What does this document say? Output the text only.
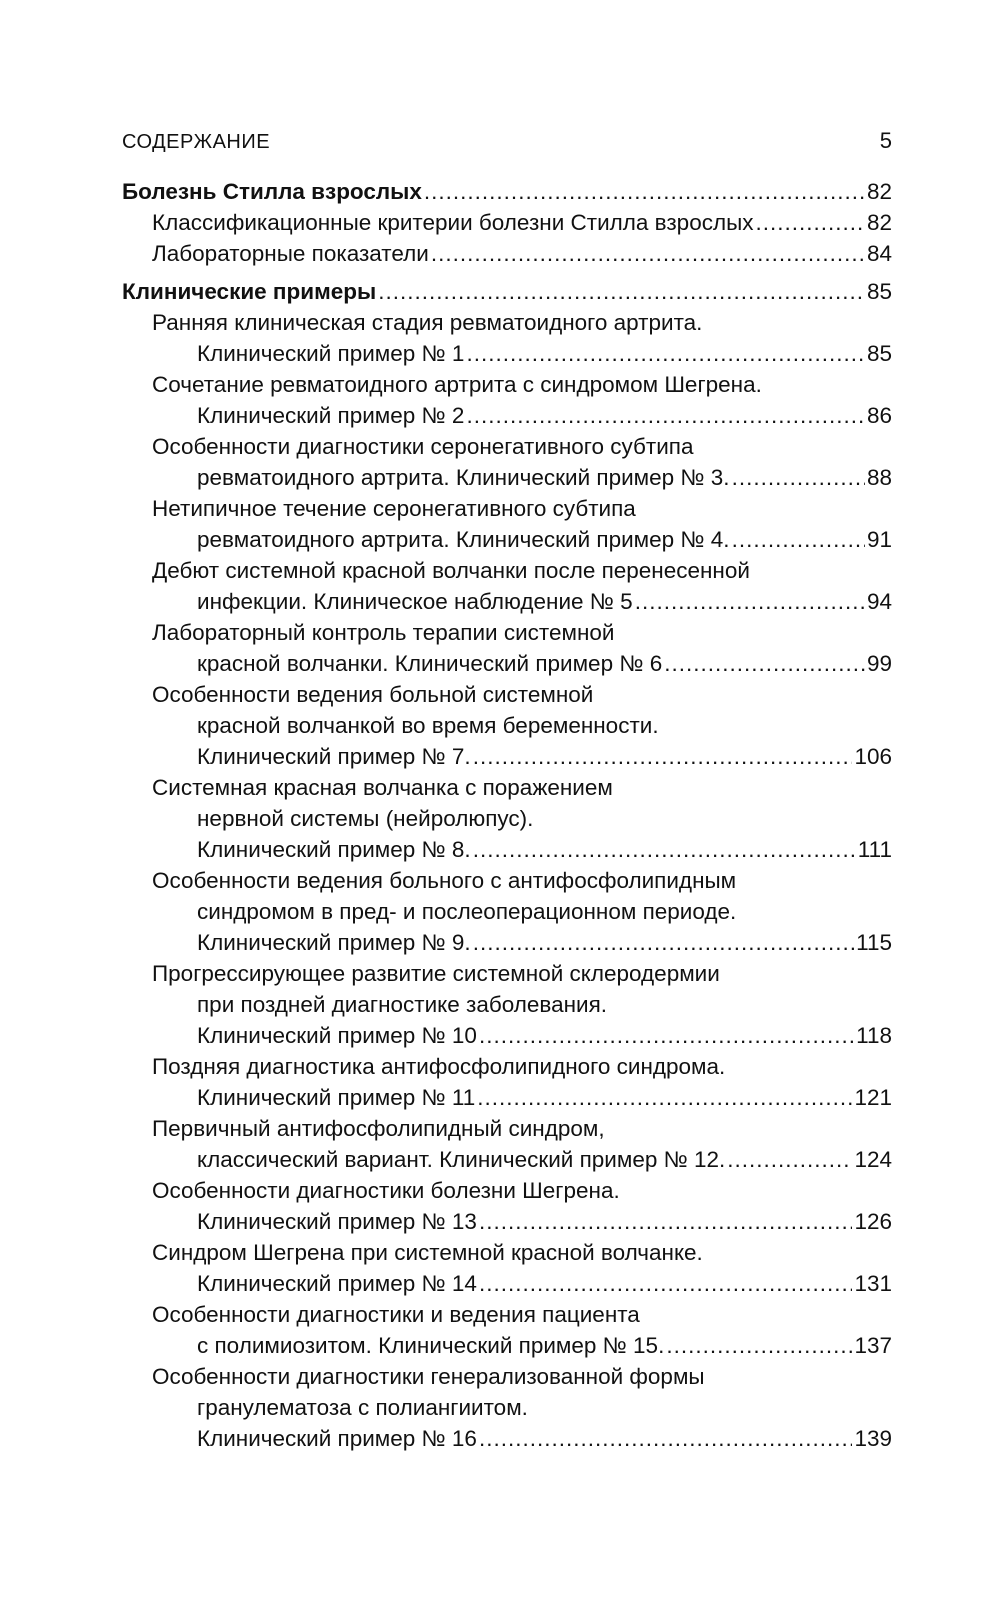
СОДЕРЖАНИЕ	5
Болезнь Стилла взрослых .....	82
Классификационные критерии болезни Стилла взрослых .....	82
Лабораторные показатели .....	84
Клинические примеры .....	85
Ранняя клиническая стадия ревматоидного артрита.
Клинический пример № 1 .....	85
Сочетание ревматоидного артрита с синдромом Шегрена.
Клинический пример № 2 .....	86
Особенности диагностики серонегативного субтипа
ревматоидного артрита. Клинический пример № 3. .....	88
Нетипичное течение серонегативного субтипа
ревматоидного артрита. Клинический пример № 4. .....	91
Дебют системной красной волчанки после перенесенной
инфекции. Клиническое наблюдение № 5 .....	94
Лабораторный контроль терапии системной
красной волчанки. Клинический пример № 6 .....	99
Особенности ведения больной системной
красной волчанкой во время беременности.
Клинический пример № 7. .....	106
Системная красная волчанка с поражением
нервной системы (нейролюпус).
Клинический пример № 8. .....	111
Особенности ведения больного с антифосфолипидным
синдромом в пред- и послеоперационном периоде.
Клинический пример № 9. .....	115
Прогрессирующее развитие системной склеродермии
при поздней диагностике заболевания.
Клинический пример № 10 .....	118
Поздняя диагностика антифосфолипидного синдрома.
Клинический пример № 11 .....	121
Первичный антифосфолипидный синдром,
классический вариант. Клинический пример № 12. .....	124
Особенности диагностики болезни Шегрена.
Клинический пример № 13 .....	126
Синдром Шегрена при системной красной волчанке.
Клинический пример № 14 .....	131
Особенности диагностики и ведения пациента
с полимиозитом. Клинический пример № 15. .....	137
Особенности диагностики генерализованной формы
гранулематоза с полиангиитом.
Клинический пример № 16 .....	139
